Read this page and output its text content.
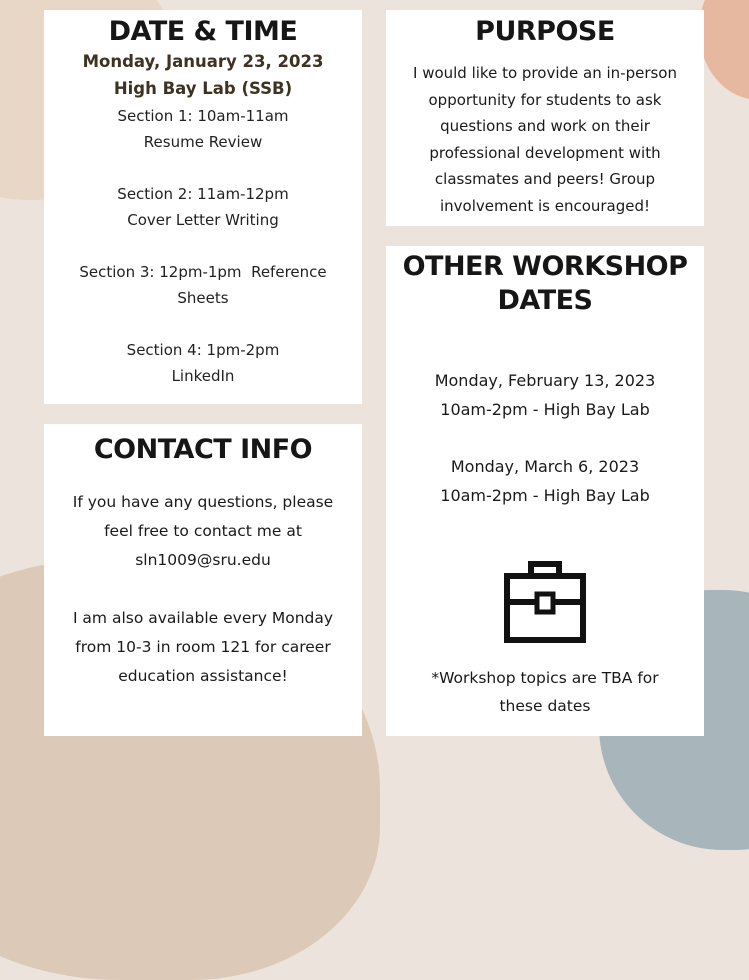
DATE & TIME
Monday, January 23, 2023
High Bay Lab (SSB)
Section 1: 10am-11am
Resume Review
Section 2: 11am-12pm
Cover Letter Writing
Section 3: 12pm-1pm  Reference
Sheets
Section 4: 1pm-2pm
LinkedIn
PURPOSE
I would like to provide an in-person
opportunity for students to ask
questions and work on their
professional development with
classmates and peers! Group
involvement is encouraged!
CONTACT INFO
If you have any questions, please
feel free to contact me at
sln1009@sru.edu
I am also available every Monday
from 10-3 in room 121 for career
education assistance!
OTHER WORKSHOP
DATES
Monday, February 13, 2023
10am-2pm - High Bay Lab
Monday, March 6, 2023
10am-2pm - High Bay Lab
*Workshop topics are TBA for
these dates
